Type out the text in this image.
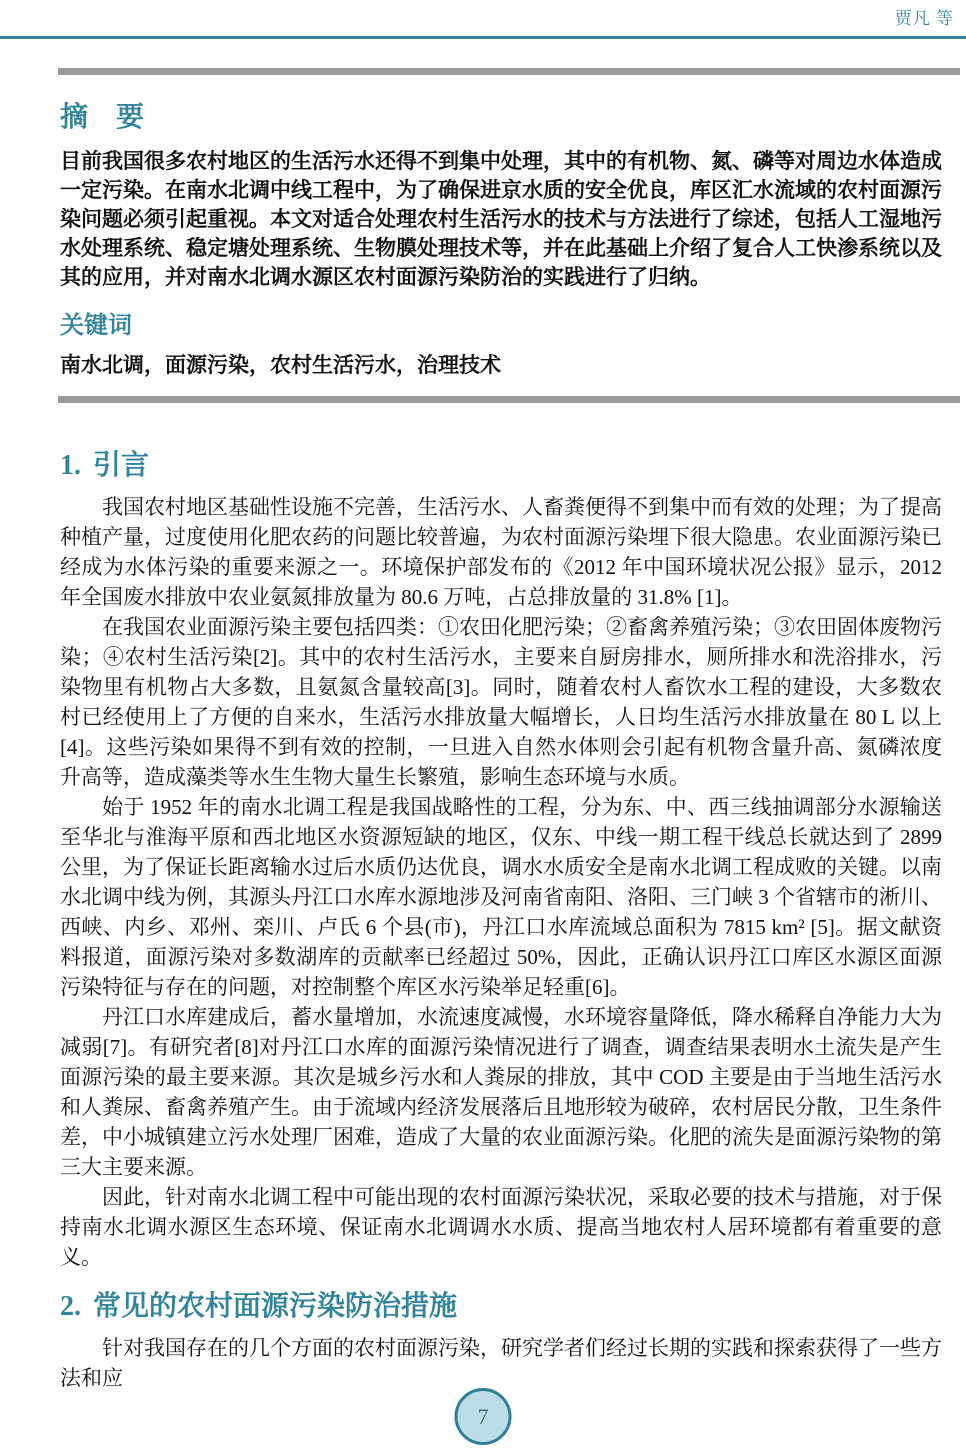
贾凡 等
摘　要

目前我国很多农村地区的生活污水还得不到集中处理，其中的有机物、氮、磷等对周边水体造成一定污染。在南水北调中线工程中，为了确保进京水质的安全优良，库区汇水流域的农村面源污染问题必须引起重视。本文对适合处理农村生活污水的技术与方法进行了综述，包括人工湿地污水处理系统、稳定塘处理系统、生物膜处理技术等，并在此基础上介绍了复合人工快渗系统以及其的应用，并对南水北调水源区农村面源污染防治的实践进行了归纳。

关键词

南水北调，面源污染，农村生活污水，治理技术

1. 引言

我国农村地区基础性设施不完善，生活污水、人畜粪便得不到集中而有效的处理；为了提高种植产量，过度使用化肥农药的问题比较普遍，为农村面源污染埋下很大隐患。农业面源污染已经成为水体污染的重要来源之一。环境保护部发布的《2012 年中国环境状况公报》显示，2012 年全国废水排放中农业氨氮排放量为 80.6 万吨，占总排放量的 31.8% [1]。

在我国农业面源污染主要包括四类：①农田化肥污染；②畜禽养殖污染；③农田固体废物污染；④农村生活污染[2]。其中的农村生活污水，主要来自厨房排水，厕所排水和洗浴排水，污染物里有机物占大多数，且氨氮含量较高[3]。同时，随着农村人畜饮水工程的建设，大多数农村已经使用上了方便的自来水，生活污水排放量大幅增长，人日均生活污水排放量在 80 L 以上[4]。这些污染如果得不到有效的控制，一旦进入自然水体则会引起有机物含量升高、氮磷浓度升高等，造成藻类等水生生物大量生长繁殖，影响生态环境与水质。

始于 1952 年的南水北调工程是我国战略性的工程，分为东、中、西三线抽调部分水源输送至华北与淮海平原和西北地区水资源短缺的地区，仅东、中线一期工程干线总长就达到了 2899 公里，为了保证长距离输水过后水质仍达优良，调水水质安全是南水北调工程成败的关键。以南水北调中线为例，其源头丹江口水库水源地涉及河南省南阳、洛阳、三门峡 3 个省辖市的淅川、西峡、内乡、邓州、栾川、卢氏 6 个县(市)，丹江口水库流域总面积为 7815 km² [5]。据文献资料报道，面源污染对多数湖库的贡献率已经超过 50%，因此，正确认识丹江口库区水源区面源污染特征与存在的问题，对控制整个库区水污染举足轻重[6]。

丹江口水库建成后，蓄水量增加，水流速度减慢，水环境容量降低，降水稀释自净能力大为减弱[7]。有研究者[8]对丹江口水库的面源污染情况进行了调查，调查结果表明水土流失是产生面源污染的最主要来源。其次是城乡污水和人粪尿的排放，其中 COD 主要是由于当地生活污水和人粪尿、畜禽养殖产生。由于流域内经济发展落后且地形较为破碎，农村居民分散，卫生条件差，中小城镇建立污水处理厂困难，造成了大量的农业面源污染。化肥的流失是面源污染物的第三大主要来源。

因此，针对南水北调工程中可能出现的农村面源污染状况，采取必要的技术与措施，对于保持南水北调水源区生态环境、保证南水北调调水水质、提高当地农村人居环境都有着重要的意义。

2. 常见的农村面源污染防治措施

针对我国存在的几个方面的农村面源污染，研究学者们经过长期的实践和探索获得了一些方法和应

7
